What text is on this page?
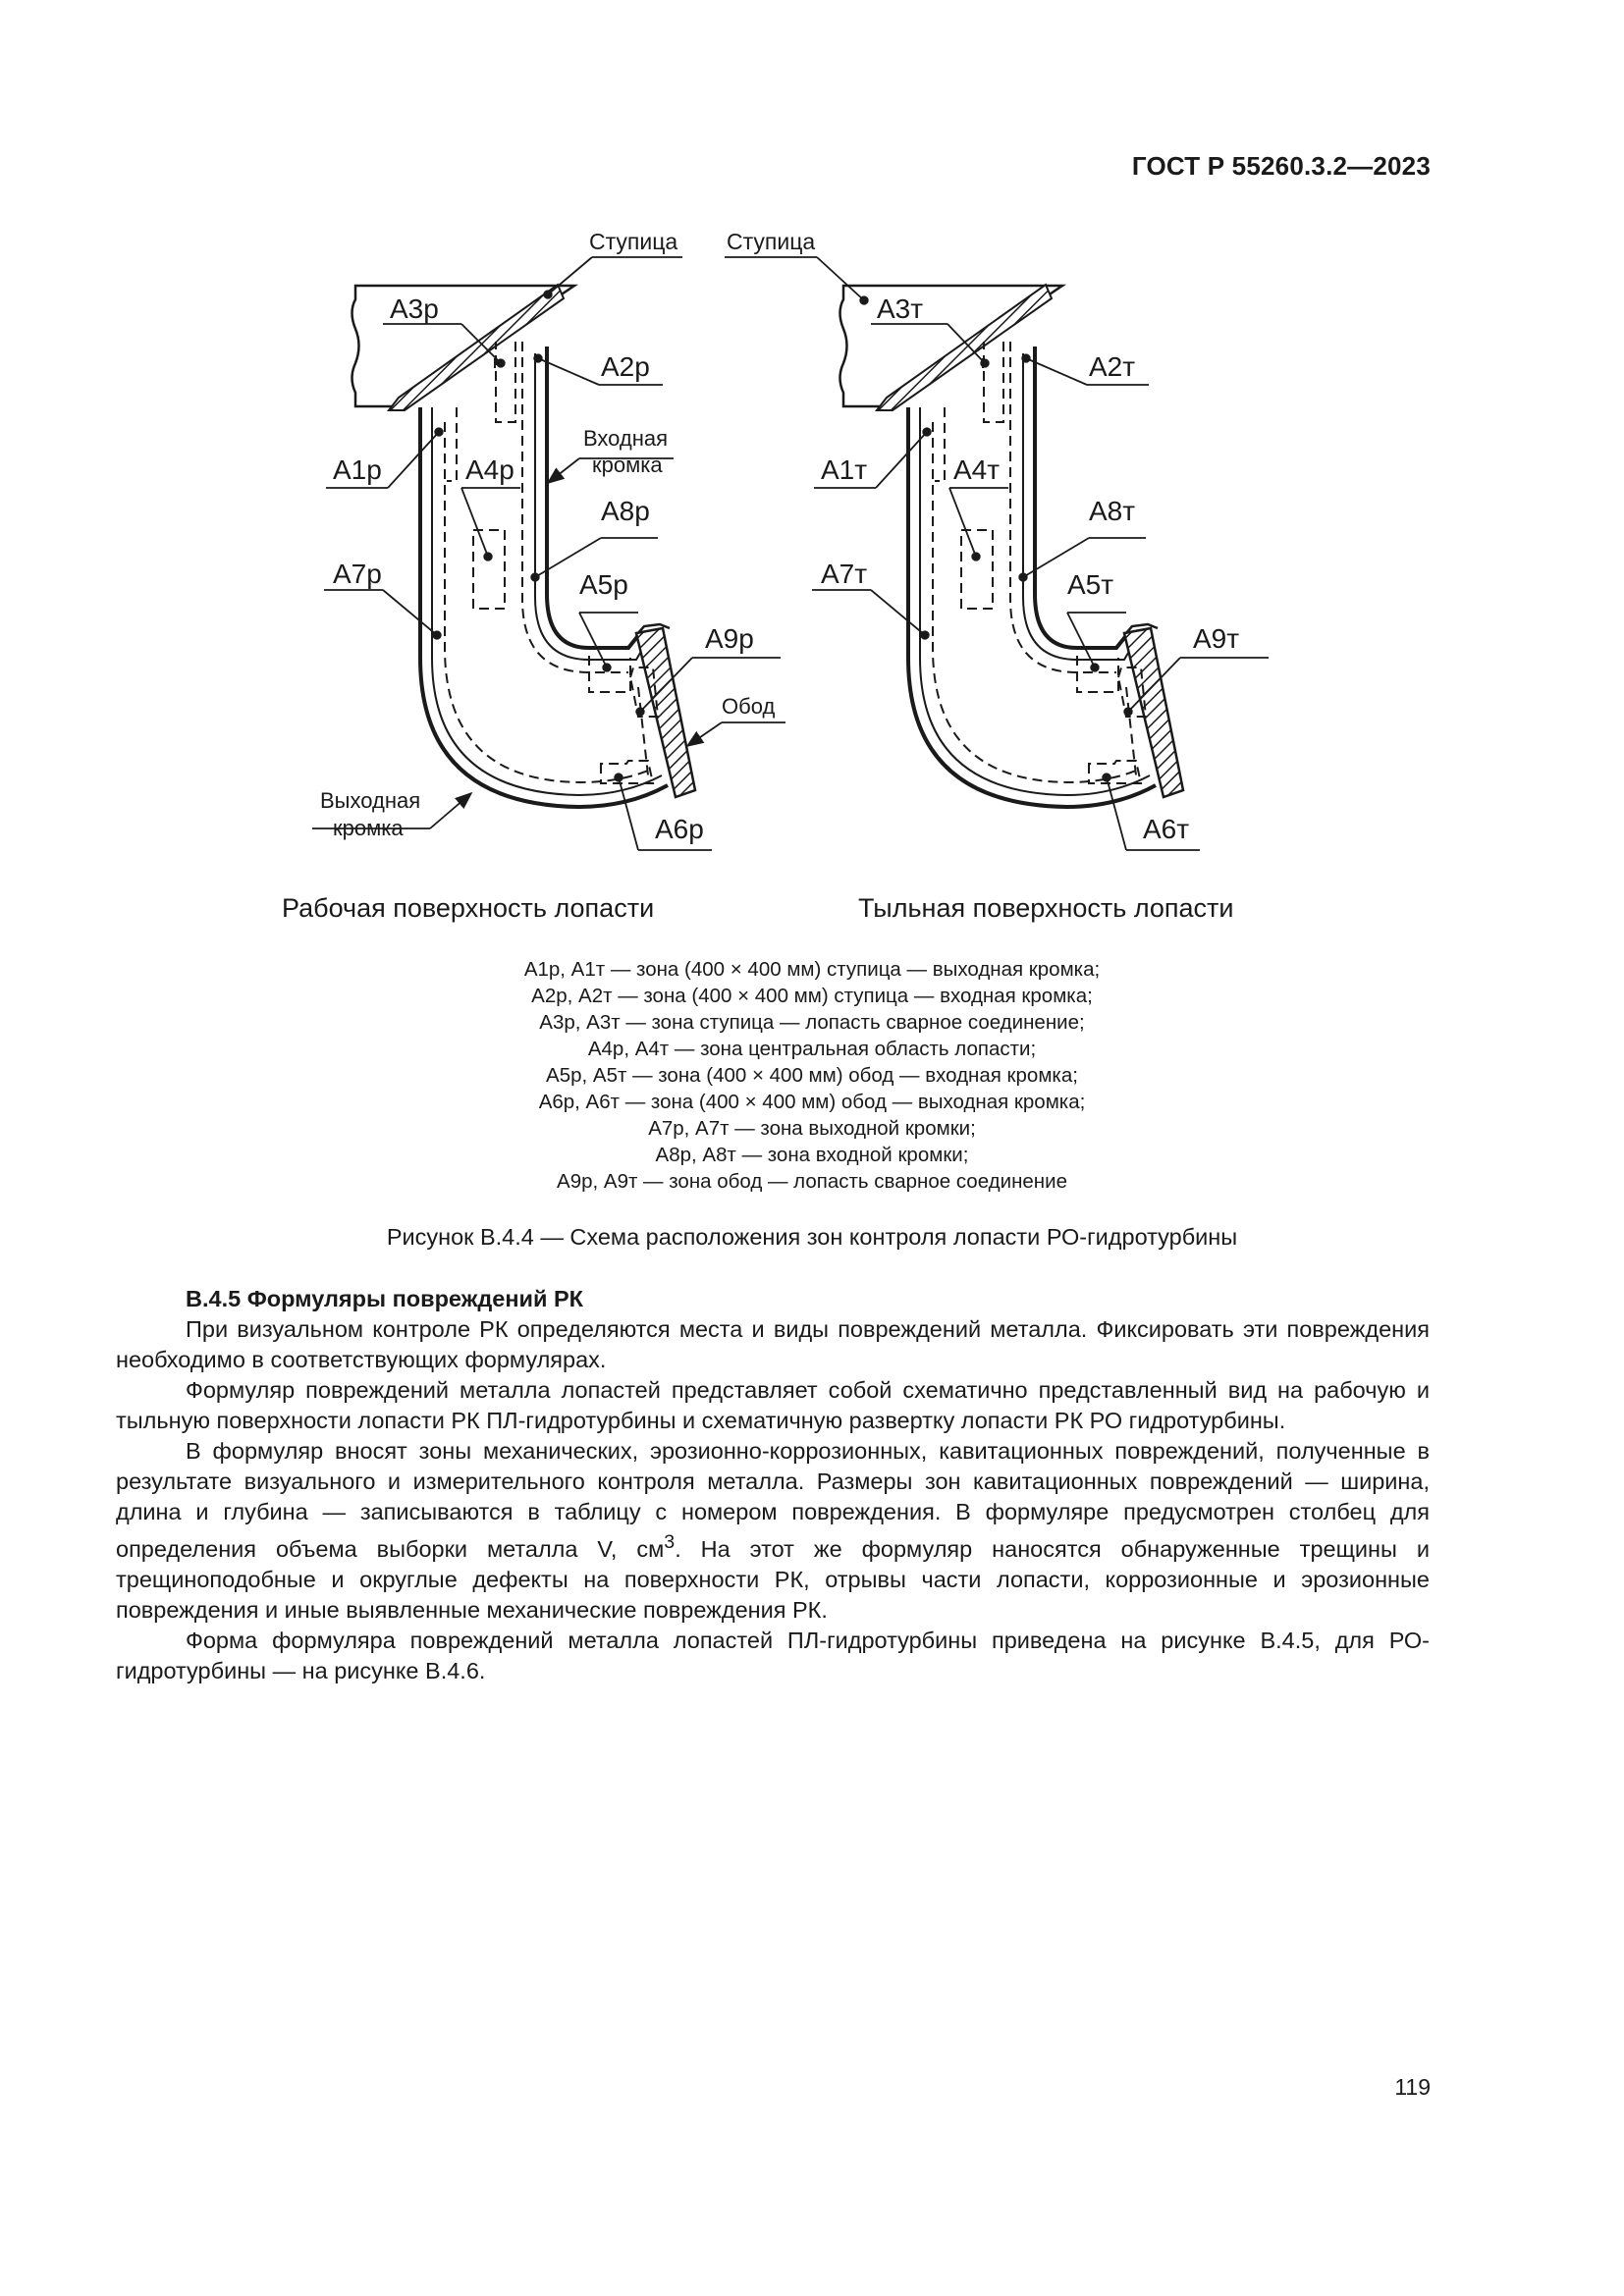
ГОСТ Р 55260.3.2—2023
Ступица
А3р
А2р
Входная
кромка
А1р	А4р
А8р
А7р	А5р
А9р
Обод
Выходная
кромка	А6р
Рабочая поверхность лопасти
Ступица
А3т
А2т
А1т	А4т
А8т
А7т	А5т
А9т
А6т
Тыльная поверхность лопасти
А1р, А1т — зона (400 × 400 мм) ступица — выходная кромка;
А2р, А2т — зона (400 × 400 мм) ступица — входная кромка;
А3р, А3т — зона ступица — лопасть сварное соединение;
А4р, А4т — зона центральная область лопасти;
А5р, А5т — зона (400 × 400 мм) обод — входная кромка;
А6р, А6т — зона (400 × 400 мм) обод — выходная кромка;
А7р, А7т — зона выходной кромки;
А8р, А8т — зона входной кромки;
А9р, А9т — зона обод — лопасть сварное соединение
Рисунок В.4.4 — Схема расположения зон контроля лопасти РО-гидротурбины
В.4.5 Формуляры повреждений РК

При визуальном контроле РК определяются места и виды повреждений металла. Фиксировать эти повреждения необходимо в соответствующих формулярах.

Формуляр повреждений металла лопастей представляет собой схематично представленный вид на рабочую и тыльную поверхности лопасти РК ПЛ-гидротурбины и схематичную развертку лопасти РК РО гидротурбины.

В формуляр вносят зоны механических, эрозионно-коррозионных, кавитационных повреждений, полученные в результате визуального и измерительного контроля металла. Размеры зон кавитационных повреждений — ширина, длина и глубина — записываются в таблицу с номером повреждения. В формуляре предусмотрен столбец для определения объема выборки металла V, $см^3$. На этот же формуляр наносятся обнаруженные трещины и трещиноподобные и округлые дефекты на поверхности РК, отрывы части лопасти, коррозионные и эрозионные повреждения и иные выявленные механические повреждения РК.

Форма формуляра повреждений металла лопастей ПЛ-гидротурбины приведена на рисунке В.4.5, для РО-гидротурбины — на рисунке В.4.6.

119
